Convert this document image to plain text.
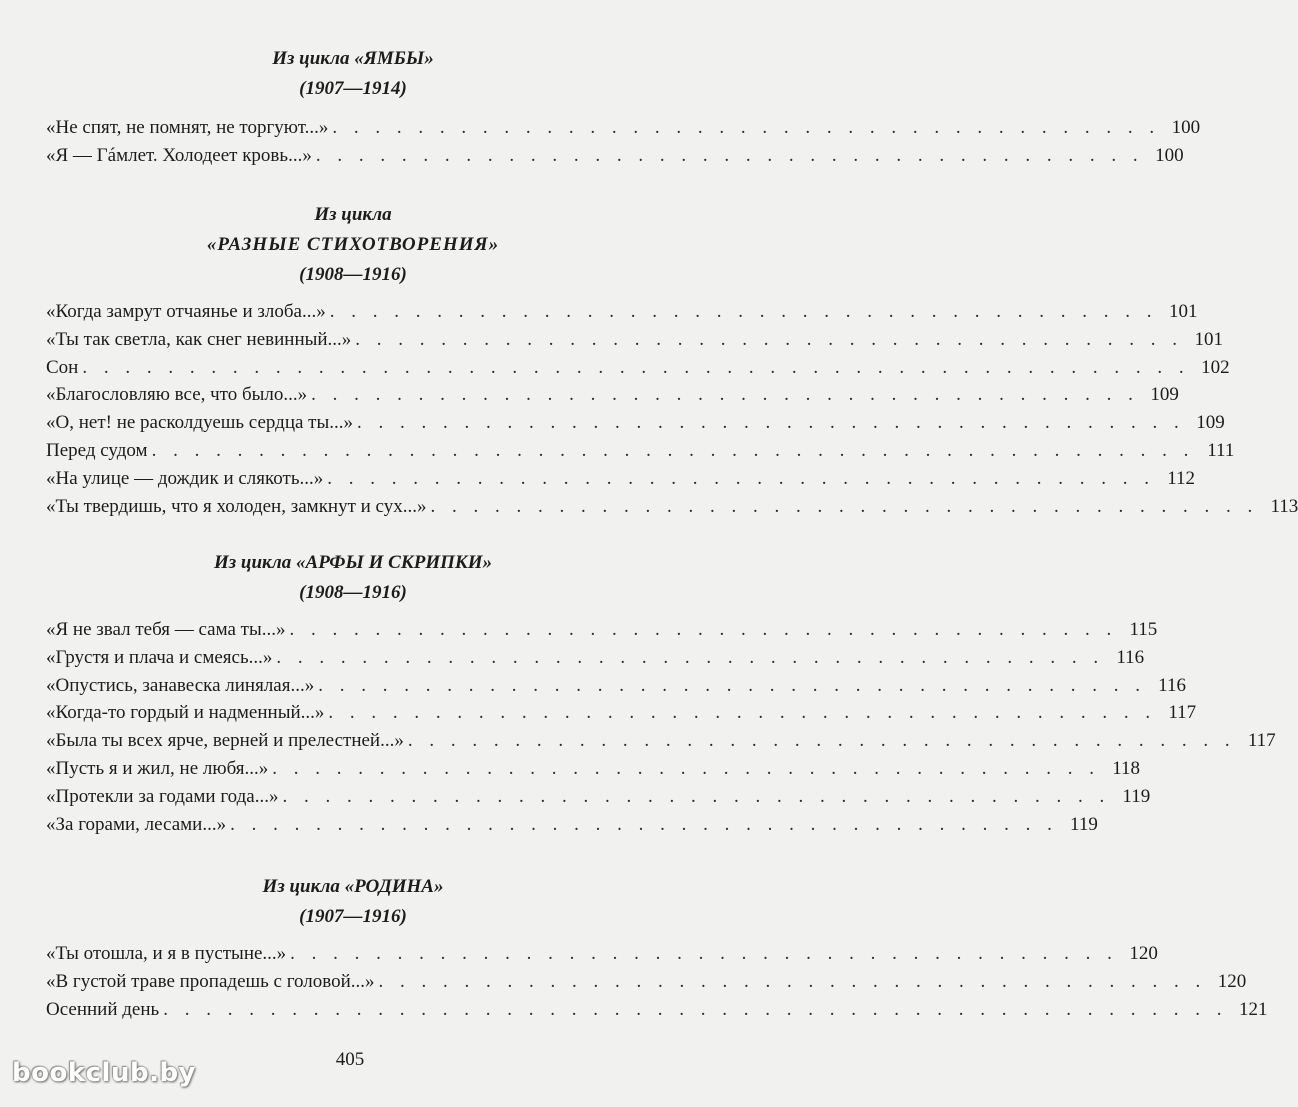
Из цикла «ЯМБЫ»
(1907—1914)
«Не спят, не помнят, не торгуют...» . . . . . . . . . . . . . . . . . . . . . . . . . . . . . . . . . . . . . . . 100
«Я — Гáмлет. Холодеет кровь...» . . . . . . . . . . . . . . . . . . . . . . . . . . . . . . . . . . . . . . . 100
Из цикла
«РАЗНЫЕ СТИХОТВОРЕНИЯ»
(1908—1916)
«Когда замрут отчаянье и злоба...» . . . . . . . . . . . . . . . . . . . . . . . . . . . . . . . . . . . . . . . 101
«Ты так светла, как снег невинный...» . . . . . . . . . . . . . . . . . . . . . . . . . . . . . . . . . . . . . . . 101
Сон . . . . . . . . . . . . . . . . . . . . . . . . . . . . . . . . . . . . . . . . . . . . . . . . . . . . 102
«Благословляю все, что было...» . . . . . . . . . . . . . . . . . . . . . . . . . . . . . . . . . . . . . . . 109
«О, нет! не расколдуешь сердца ты...» . . . . . . . . . . . . . . . . . . . . . . . . . . . . . . . . . . . . . . . 109
Перед судом . . . . . . . . . . . . . . . . . . . . . . . . . . . . . . . . . . . . . . . . . . . . . . . . . 111
«На улице — дождик и слякоть...» . . . . . . . . . . . . . . . . . . . . . . . . . . . . . . . . . . . . . . . 112
«Ты твердишь, что я холоден, замкнут и сух...» . . . . . . . . . . . . . . . . . . . . . . . . . . . . . . . . . . . . . . . 113
Из цикла «АРФЫ И СКРИПКИ»
(1908—1916)
«Я не звал тебя — сама ты...» . . . . . . . . . . . . . . . . . . . . . . . . . . . . . . . . . . . . . . . 115
«Грустя и плача и смеясь...» . . . . . . . . . . . . . . . . . . . . . . . . . . . . . . . . . . . . . . . 116
«Опустись, занавеска линялая...» . . . . . . . . . . . . . . . . . . . . . . . . . . . . . . . . . . . . . . . 116
«Когда-то гордый и надменный...» . . . . . . . . . . . . . . . . . . . . . . . . . . . . . . . . . . . . . . . 117
«Была ты всех ярче, верней и прелестней...» . . . . . . . . . . . . . . . . . . . . . . . . . . . . . . . . . . . . . . . 117
«Пусть я и жил, не любя...» . . . . . . . . . . . . . . . . . . . . . . . . . . . . . . . . . . . . . . . 118
«Протекли за годами года...» . . . . . . . . . . . . . . . . . . . . . . . . . . . . . . . . . . . . . . . 119
«За горами, лесами...» . . . . . . . . . . . . . . . . . . . . . . . . . . . . . . . . . . . . . . . 119
Из цикла «РОДИНА»
(1907—1916)
«Ты отошла, и я в пустыне...» . . . . . . . . . . . . . . . . . . . . . . . . . . . . . . . . . . . . . . . 120
«В густой траве пропадешь с головой...» . . . . . . . . . . . . . . . . . . . . . . . . . . . . . . . . . . . . . . . 120
Осенний день . . . . . . . . . . . . . . . . . . . . . . . . . . . . . . . . . . . . . . . . . . . . . . . . . . 121
405
bookclub.by
